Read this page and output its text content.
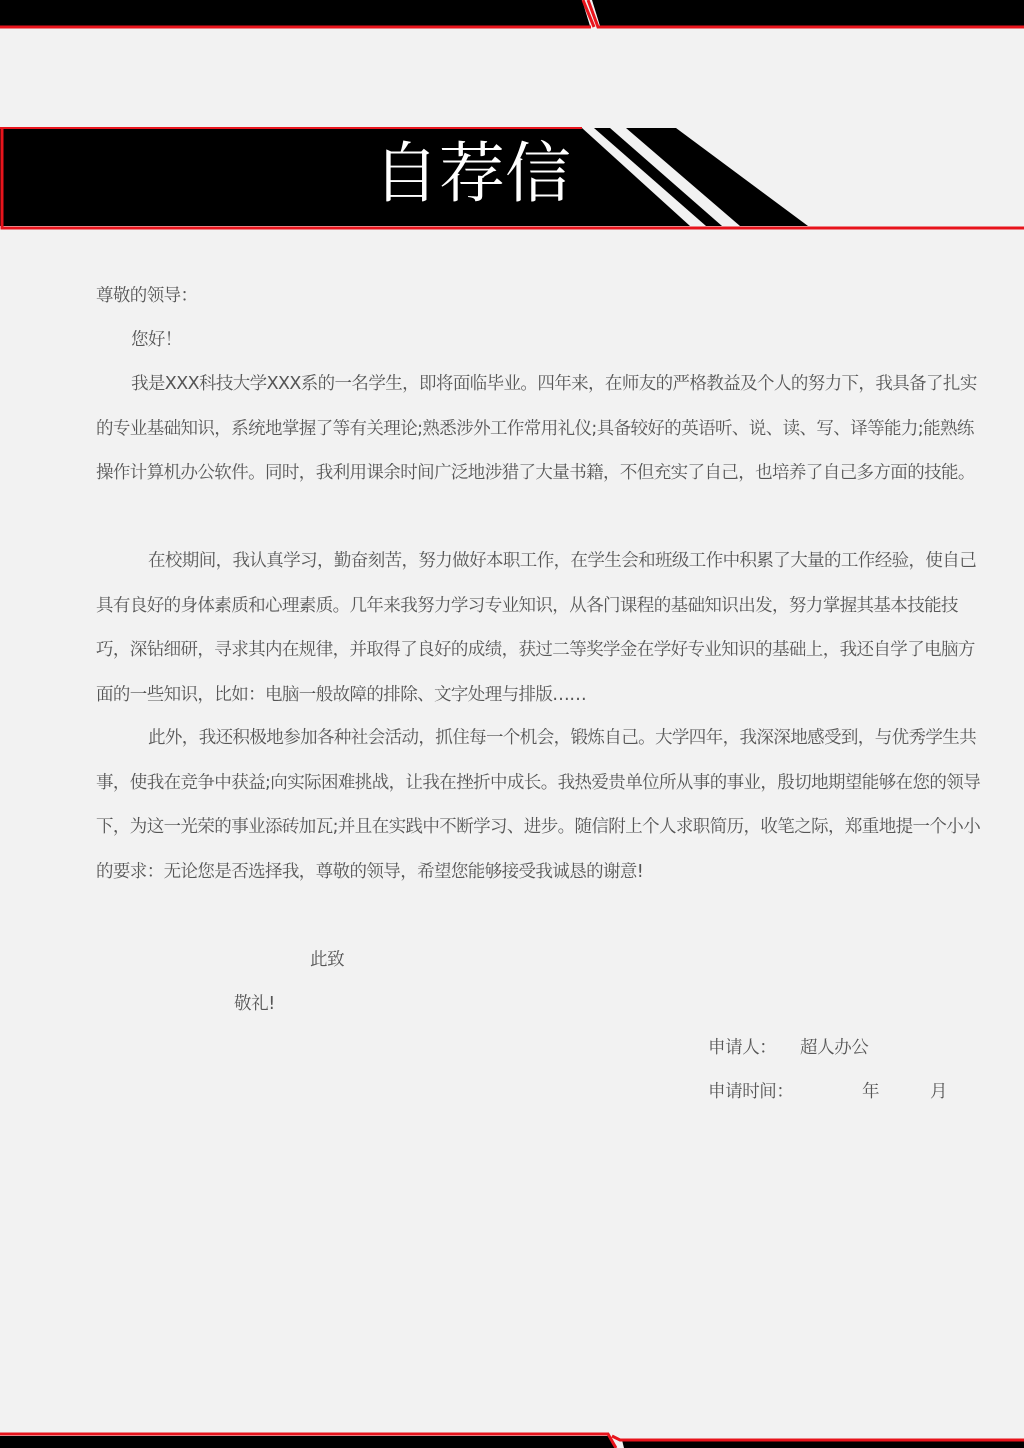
自荐信

尊敬的领导：

您好！

我是XXX科技大学XXX系的一名学生，即将面临毕业。四年来，在师友的严格教益及个人的努力下，我具备了扎实的专业基础知识，系统地掌握了等有关理论;熟悉涉外工作常用礼仪;具备较好的英语听、说、读、写、译等能力;能熟练操作计算机办公软件。同时，我利用课余时间广泛地涉猎了大量书籍，不但充实了自己，也培养了自己多方面的技能。

在校期间，我认真学习，勤奋刻苦，努力做好本职工作，在学生会和班级工作中积累了大量的工作经验，使自己具有良好的身体素质和心理素质。几年来我努力学习专业知识，从各门课程的基础知识出发，努力掌握其基本技能技巧，深钻细研，寻求其内在规律，并取得了良好的成绩，获过二等奖学金在学好专业知识的基础上，我还自学了电脑方面的一些知识，比如：电脑一般故障的排除、文字处理与排版……

此外，我还积极地参加各种社会活动，抓住每一个机会，锻炼自己。大学四年，我深深地感受到，与优秀学生共事，使我在竞争中获益;向实际困难挑战，让我在挫折中成长。我热爱贵单位所从事的事业，殷切地期望能够在您的领导下，为这一光荣的事业添砖加瓦;并且在实践中不断学习、进步。随信附上个人求职简历，收笔之际，郑重地提一个小小的要求：无论您是否选择我，尊敬的领导，希望您能够接受我诚恳的谢意!

此致

敬礼!

申请人： 超人办公

申请时间：	年	月
